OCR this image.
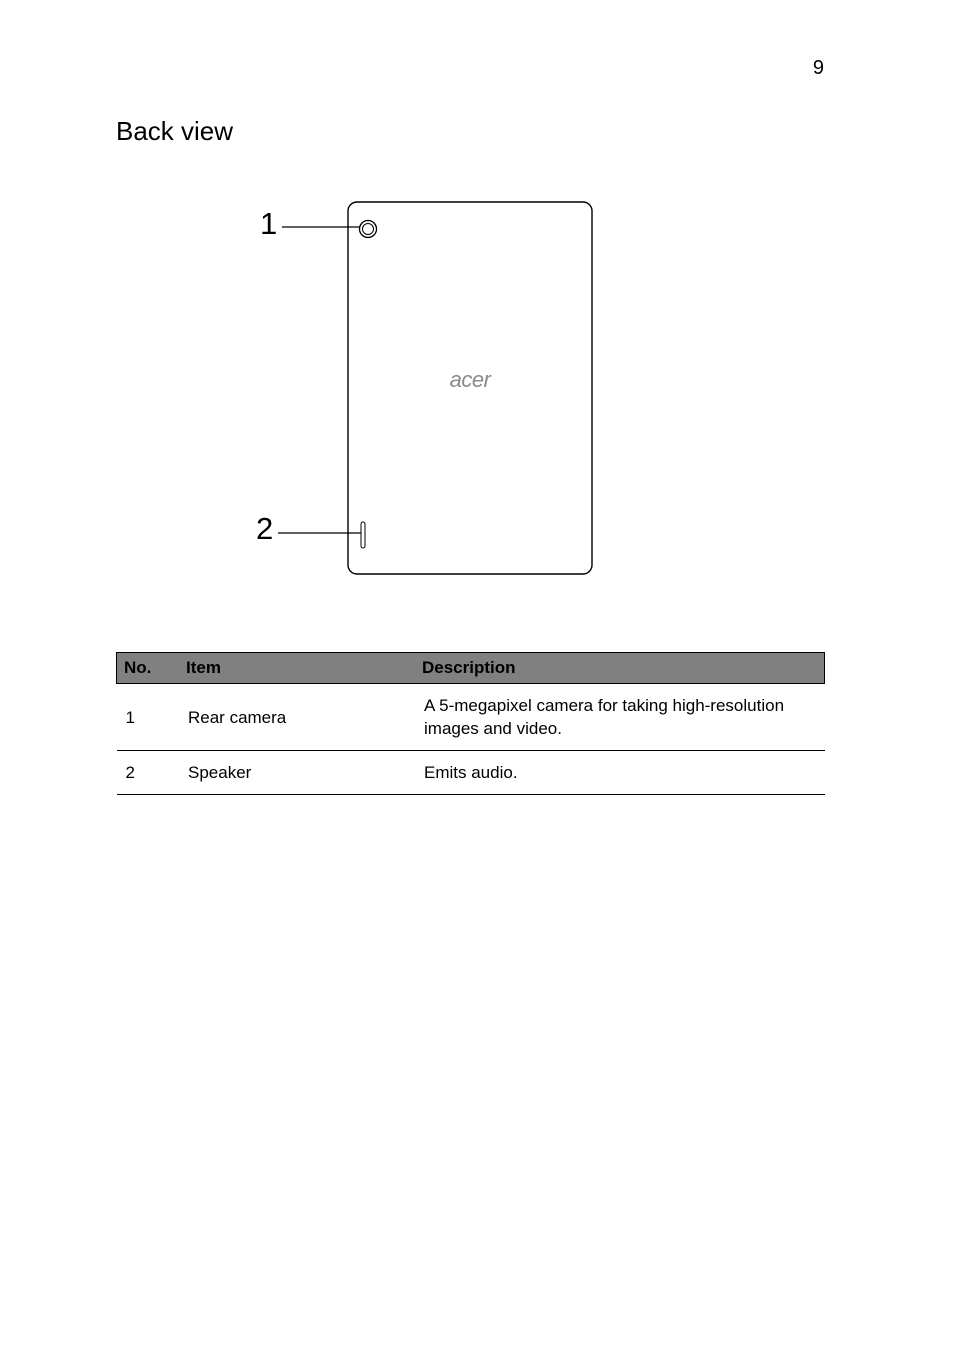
9
Back view
1
2
acer
No.	Item	Description
1	Rear camera	A 5-megapixel camera for taking high-resolution images and video.
2	Speaker	Emits audio.
